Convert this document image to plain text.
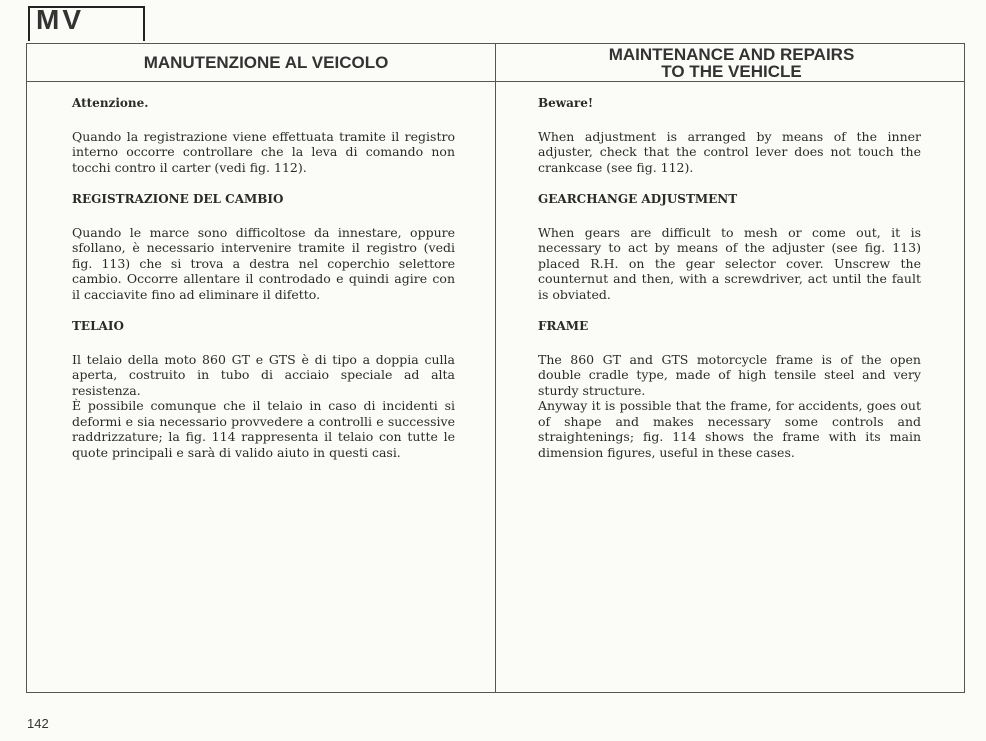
MV
MANUTENZIONE AL VEICOLO	MAINTENANCE AND REPAIRS
TO THE VEHICLE

Attenzione.

Quando la registrazione viene effettuata tramite il registro interno occorre controllare che la leva di comando non tocchi contro il carter (vedi fig. 112).

REGISTRAZIONE DEL CAMBIO

Quando le marce sono difficoltose da innestare, oppure sfollano, è necessario intervenire tramite il registro (vedi fig. 113) che si trova a destra nel coperchio selettore cambio. Occorre allentare il controdado e quindi agire con il cacciavite fino ad eliminare il difetto.

TELAIO

Il telaio della moto 860 GT e GTS è di tipo a doppia culla aperta, costruito in tubo di acciaio speciale ad alta resistenza.

È possibile comunque che il telaio in caso di incidenti si deformi e sia necessario provvedere a controlli e successive raddrizzature; la fig. 114 rappresenta il telaio con tutte le quote principali e sarà di valido aiuto in questi casi.

Beware!

When adjustment is arranged by means of the inner adjuster, check that the control lever does not touch the crankcase (see fig. 112).

GEARCHANGE ADJUSTMENT

When gears are difficult to mesh or come out, it is necessary to act by means of the adjuster (see fig. 113) placed R.H. on the gear selector cover. Unscrew the counternut and then, with a screwdriver, act until the fault is obviated.

FRAME

The 860 GT and GTS motorcycle frame is of the open double cradle type, made of high tensile steel and very sturdy structure.

Anyway it is possible that the frame, for accidents, goes out of shape and makes necessary some controls and straightenings; fig. 114 shows the frame with its main dimension figures, useful in these cases.

142
